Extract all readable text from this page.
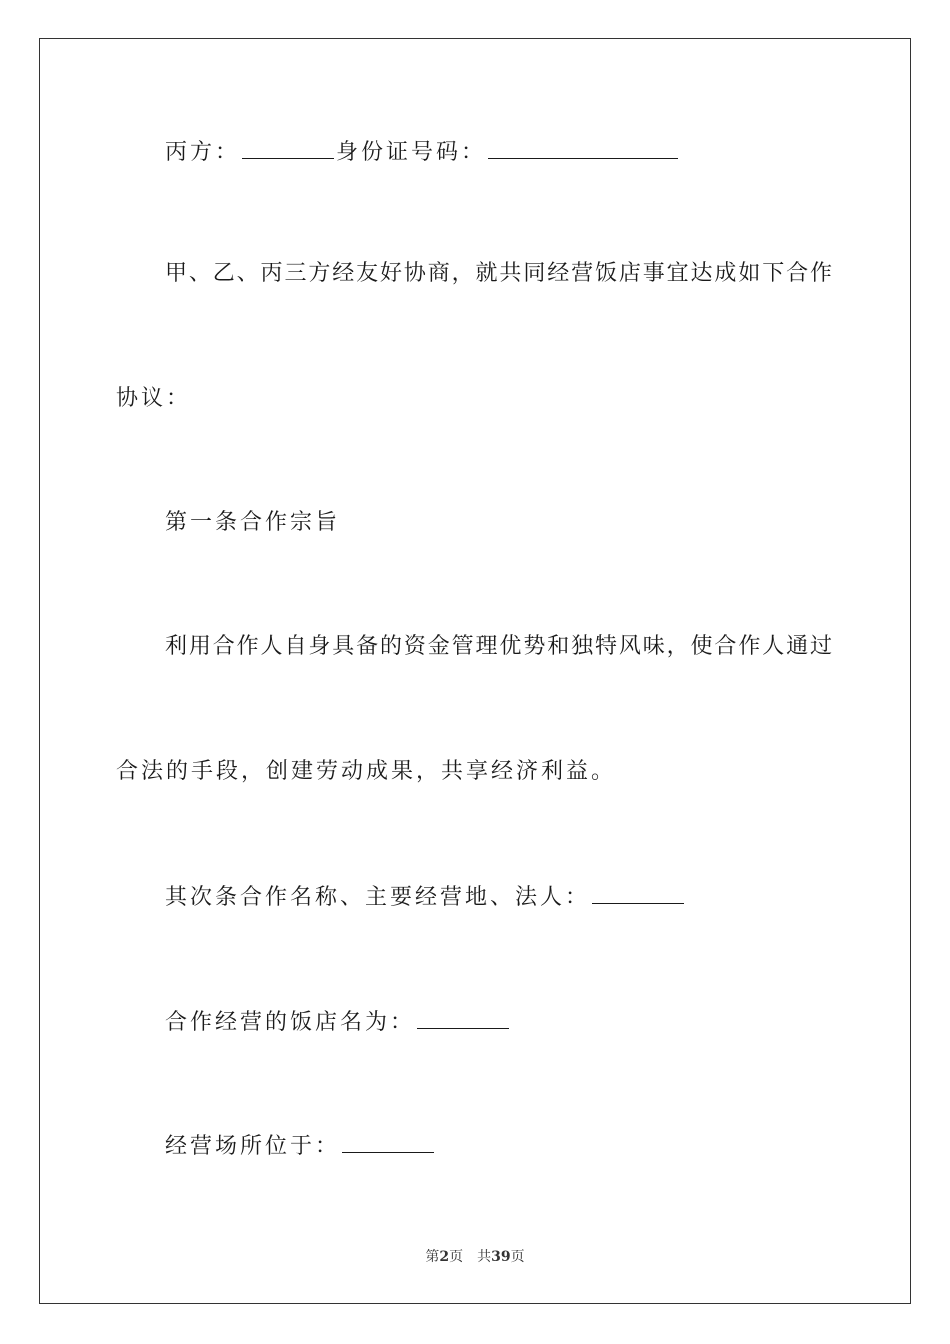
丙方：	身份证号码：
甲、乙、丙三方经友好协商，就共同经营饭店事宜达成如下合作
协议：
第一条合作宗旨
利用合作人自身具备的资金管理优势和独特风味，使合作人通过
合法的手段，创建劳动成果，共享经济利益。
其次条合作名称、主要经营地、法人：
合作经营的饭店名为：
经营场所位于：
第2页 共39页
